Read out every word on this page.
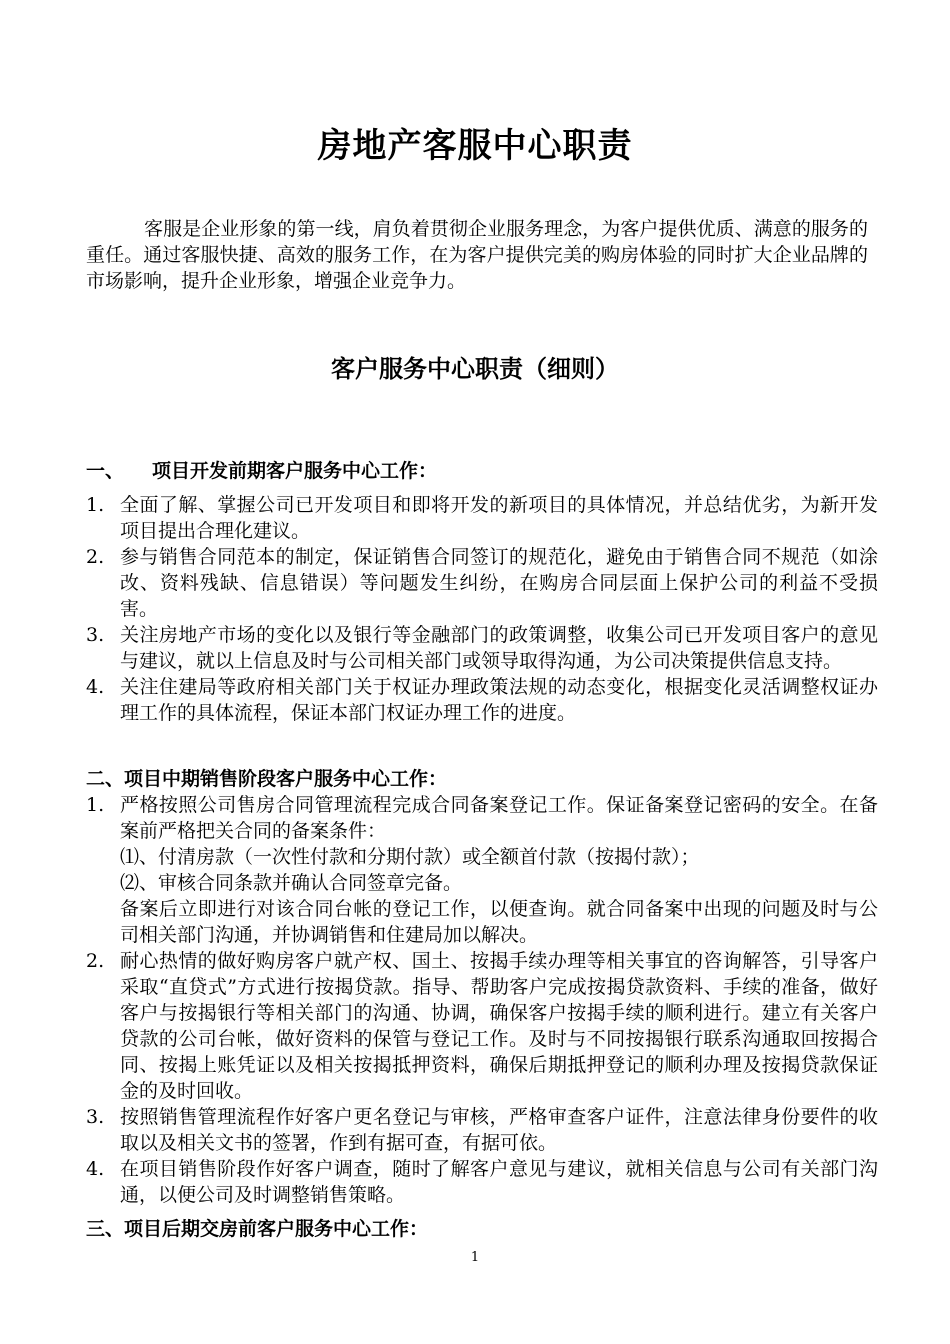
房地产客服中心职责
客服是企业形象的第一线，肩负着贯彻企业服务理念，为客户提供优质、满意的服务的重任。通过客服快捷、高效的服务工作，在为客户提供完美的购房体验的同时扩大企业品牌的市场影响，提升企业形象，增强企业竞争力。
客户服务中心职责（细则）
一、 项目开发前期客户服务中心工作：
1. 全面了解、掌握公司已开发项目和即将开发的新项目的具体情况，并总结优劣，为新开发项目提出合理化建议。
2. 参与销售合同范本的制定，保证销售合同签订的规范化，避免由于销售合同不规范（如涂改、资料残缺、信息错误）等问题发生纠纷，在购房合同层面上保护公司的利益不受损害。
3. 关注房地产市场的变化以及银行等金融部门的政策调整，收集公司已开发项目客户的意见与建议，就以上信息及时与公司相关部门或领导取得沟通，为公司决策提供信息支持。
4. 关注住建局等政府相关部门关于权证办理政策法规的动态变化，根据变化灵活调整权证办理工作的具体流程，保证本部门权证办理工作的进度。
二、项目中期销售阶段客户服务中心工作：
1. 严格按照公司售房合同管理流程完成合同备案登记工作。保证备案登记密码的安全。在备案前严格把关合同的备案条件：
⑴、付清房款（一次性付款和分期付款）或全额首付款（按揭付款）；
⑵、审核合同条款并确认合同签章完备。
备案后立即进行对该合同台帐的登记工作，以便查询。就合同备案中出现的问题及时与公司相关部门沟通，并协调销售和住建局加以解决。
2. 耐心热情的做好购房客户就产权、国土、按揭手续办理等相关事宜的咨询解答，引导客户采取“直贷式”方式进行按揭贷款。指导、帮助客户完成按揭贷款资料、手续的准备，做好客户与按揭银行等相关部门的沟通、协调，确保客户按揭手续的顺利进行。建立有关客户贷款的公司台帐，做好资料的保管与登记工作。及时与不同按揭银行联系沟通取回按揭合同、按揭上账凭证以及相关按揭抵押资料，确保后期抵押登记的顺利办理及按揭贷款保证金的及时回收。
3. 按照销售管理流程作好客户更名登记与审核，严格审查客户证件，注意法律身份要件的收取以及相关文书的签署，作到有据可查，有据可依。
4. 在项目销售阶段作好客户调查，随时了解客户意见与建议，就相关信息与公司有关部门沟通，以便公司及时调整销售策略。
三、项目后期交房前客户服务中心工作：
1
